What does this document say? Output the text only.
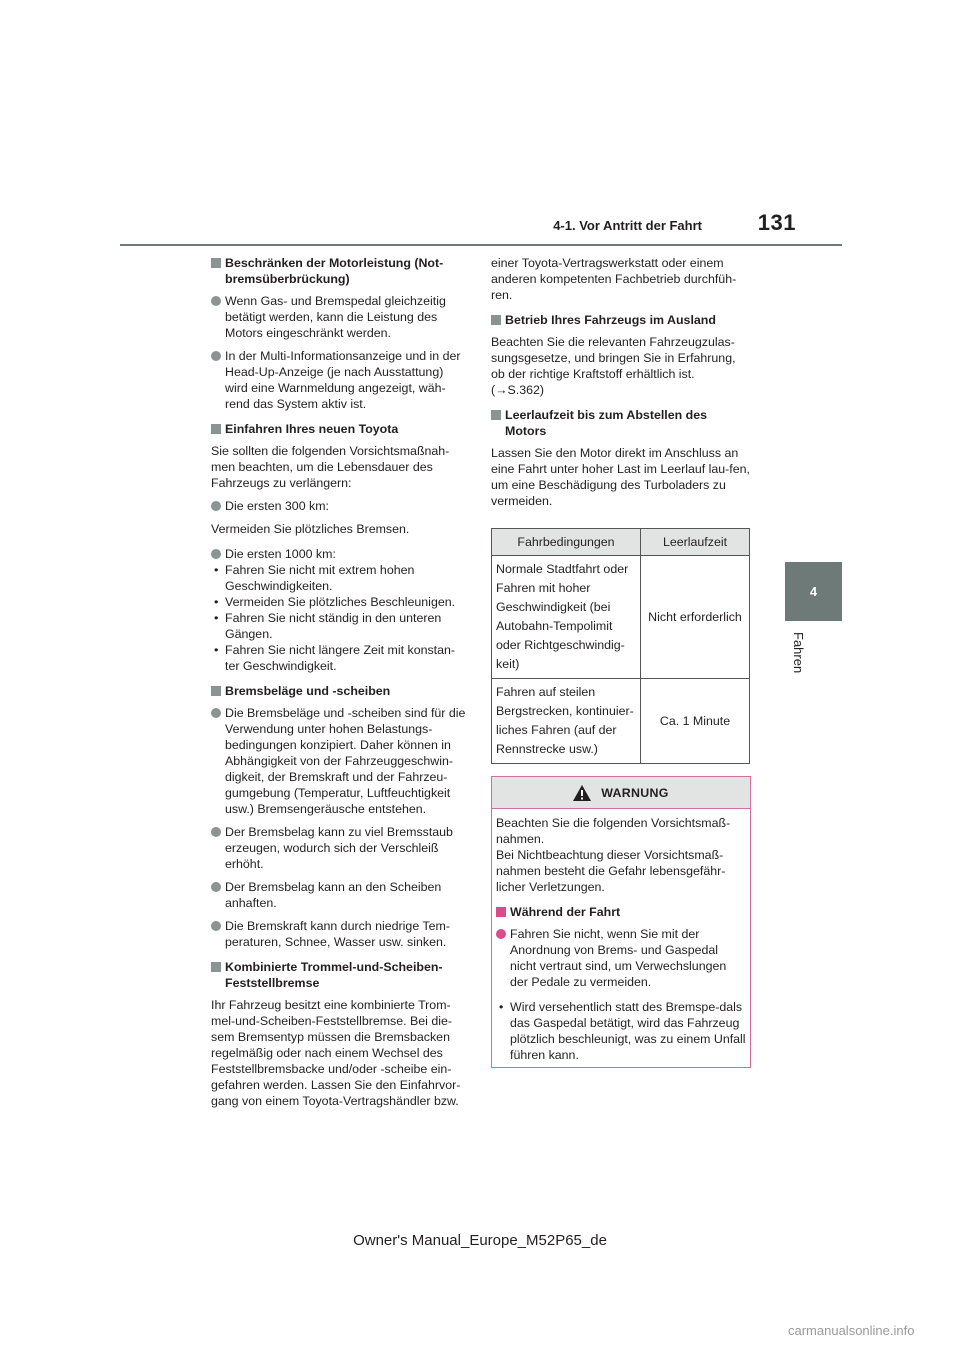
4-1. Vor Antritt der Fahrt	131
4
Fahren
Beschränken der Motorleistung (Not-bremsüberbrückung)
Wenn Gas- und Bremspedal gleichzeitig betätigt werden, kann die Leistung des Motors eingeschränkt werden.
In der Multi-Informationsanzeige und in der Head-Up-Anzeige (je nach Ausstattung) wird eine Warnmeldung angezeigt, wäh-rend das System aktiv ist.
Einfahren Ihres neuen Toyota
Sie sollten die folgenden Vorsichtsmaßnah-men beachten, um die Lebensdauer des Fahrzeugs zu verlängern:
Die ersten 300 km:
Vermeiden Sie plötzliches Bremsen.
Die ersten 1000 km:
• Fahren Sie nicht mit extrem hohen Geschwindigkeiten.
• Vermeiden Sie plötzliches Beschleunigen.
• Fahren Sie nicht ständig in den unteren Gängen.
• Fahren Sie nicht längere Zeit mit konstan-ter Geschwindigkeit.
Bremsbeläge und -scheiben
Die Bremsbeläge und -scheiben sind für die Verwendung unter hohen Belastungs-bedingungen konzipiert. Daher können in Abhängigkeit von der Fahrzeuggeschwin-digkeit, der Bremskraft und der Fahrzeu-gumgebung (Temperatur, Luftfeuchtigkeit usw.) Bremsengeräusche entstehen.
Der Bremsbelag kann zu viel Bremsstaub erzeugen, wodurch sich der Verschleiß erhöht.
Der Bremsbelag kann an den Scheiben anhaften.
Die Bremskraft kann durch niedrige Tem-peraturen, Schnee, Wasser usw. sinken.
Kombinierte Trommel-und-Scheiben-Feststellbremse
Ihr Fahrzeug besitzt eine kombinierte Trom-mel-und-Scheiben-Feststellbremse. Bei die-sem Bremsentyp müssen die Bremsbacken regelmäßig oder nach einem Wechsel des Feststellbremsbacke und/oder -scheibe ein-gefahren werden. Lassen Sie den Einfahrvor-gang von einem Toyota-Vertragshändler bzw.
einer Toyota-Vertragswerkstatt oder einem anderen kompetenten Fachbetrieb durchfüh-ren.
Betrieb Ihres Fahrzeugs im Ausland
Beachten Sie die relevanten Fahrzeugzulas-sungsgesetze, und bringen Sie in Erfahrung, ob der richtige Kraftstoff erhältlich ist. (→S.362)
Leerlaufzeit bis zum Abstellen des Motors
Lassen Sie den Motor direkt im Anschluss an eine Fahrt unter hoher Last im Leerlauf lau-fen, um eine Beschädigung des Turboladers zu vermeiden.
Fahrbedingungen	Leerlaufzeit
Normale Stadtfahrt oder Fahren mit hoher Geschwindigkeit (bei Autobahn-Tempolimit oder Richtgeschwindig-keit)	Nicht erforderlich
Fahren auf steilen Bergstrecken, kontinuier-liches Fahren (auf der Rennstrecke usw.)	Ca. 1 Minute
WARNUNG
Beachten Sie die folgenden Vorsichtsmaß-nahmen.
Bei Nichtbeachtung dieser Vorsichtsmaß-nahmen besteht die Gefahr lebensgefähr-licher Verletzungen.
Während der Fahrt
Fahren Sie nicht, wenn Sie mit der Anordnung von Brems- und Gaspedal nicht vertraut sind, um Verwechslungen der Pedale zu vermeiden.
• Wird versehentlich statt des Bremspe-dals das Gaspedal betätigt, wird das Fahrzeug plötzlich beschleunigt, was zu einem Unfall führen kann.
Owner's Manual_Europe_M52P65_de
carmanualsonline.info
